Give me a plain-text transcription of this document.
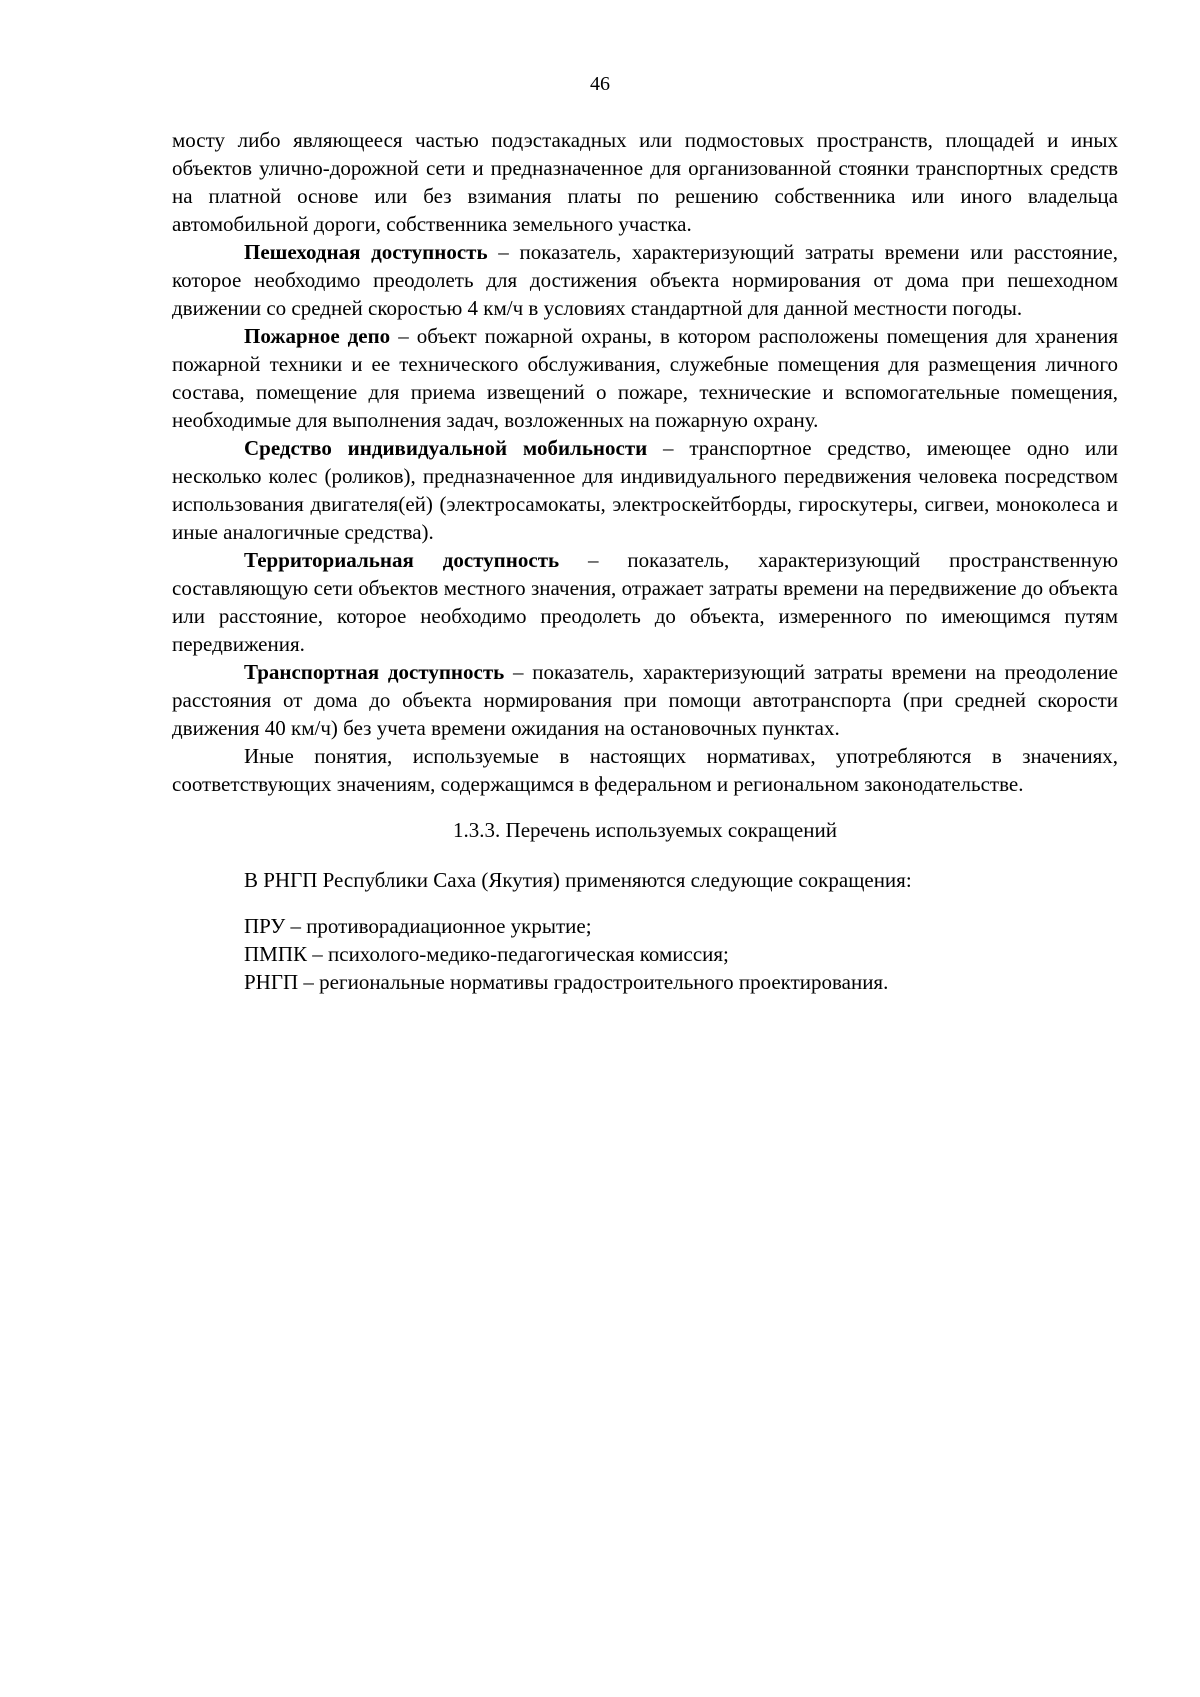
46

мосту либо являющееся частью подэстакадных или подмостовых пространств, площадей и иных объектов улично-дорожной сети и предназначенное для организованной стоянки транспортных средств на платной основе или без взимания платы по решению собственника или иного владельца автомобильной дороги, собственника земельного участка.

Пешеходная доступность – показатель, характеризующий затраты времени или расстояние, которое необходимо преодолеть для достижения объекта нормирования от дома при пешеходном движении со средней скоростью 4 км/ч в условиях стандартной для данной местности погоды.

Пожарное депо – объект пожарной охраны, в котором расположены помещения для хранения пожарной техники и ее технического обслуживания, служебные помещения для размещения личного состава, помещение для приема извещений о пожаре, технические и вспомогательные помещения, необходимые для выполнения задач, возложенных на пожарную охрану.

Средство индивидуальной мобильности – транспортное средство, имеющее одно или несколько колес (роликов), предназначенное для индивидуального передвижения человека посредством использования двигателя(ей) (электросамокаты, электроскейтборды, гироскутеры, сигвеи, моноколеса и иные аналогичные средства).

Территориальная доступность – показатель, характеризующий пространственную составляющую сети объектов местного значения, отражает затраты времени на передвижение до объекта или расстояние, которое необходимо преодолеть до объекта, измеренного по имеющимся путям передвижения.

Транспортная доступность – показатель, характеризующий затраты времени на преодоление расстояния от дома до объекта нормирования при помощи автотранспорта (при средней скорости движения 40 км/ч) без учета времени ожидания на остановочных пунктах.

Иные понятия, используемые в настоящих нормативах, употребляются в значениях, соответствующих значениям, содержащимся в федеральном и региональном законодательстве.

1.3.3. Перечень используемых сокращений

В РНГП Республики Саха (Якутия) применяются следующие сокращения:

ПРУ – противорадиационное укрытие;
ПМПК – психолого-медико-педагогическая комиссия;
РНГП – региональные нормативы градостроительного проектирования.
